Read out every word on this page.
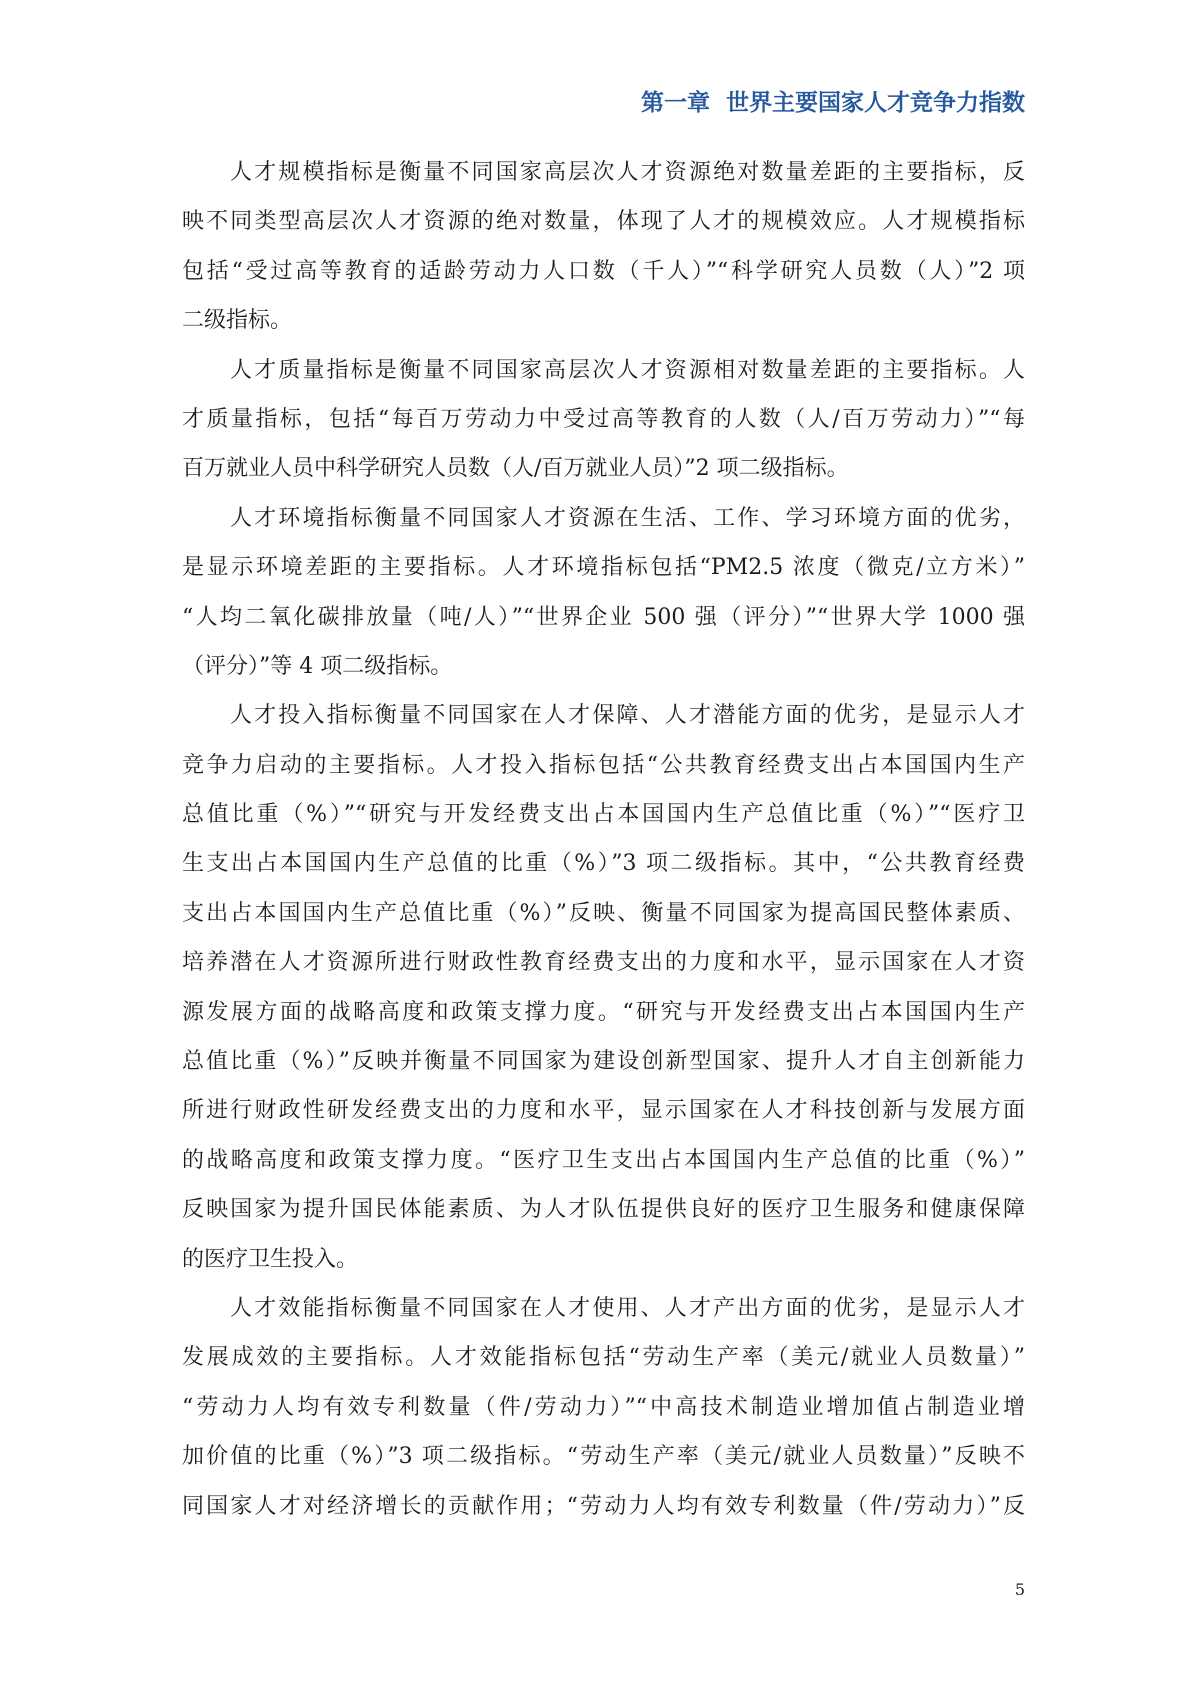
第一章 世界主要国家人才竞争力指数
人才规模指标是衡量不同国家高层次人才资源绝对数量差距的主要指标，反
映不同类型高层次人才资源的绝对数量，体现了人才的规模效应。人才规模指标
包括“受过高等教育的适龄劳动力人口数（千人）”“科学研究人员数（人）”2 项
二级指标。
人才质量指标是衡量不同国家高层次人才资源相对数量差距的主要指标。人
才质量指标，包括“每百万劳动力中受过高等教育的人数（人/百万劳动力）”“每
百万就业人员中科学研究人员数（人/百万就业人员）”2 项二级指标。
人才环境指标衡量不同国家人才资源在生活、工作、学习环境方面的优劣，
是显示环境差距的主要指标。人才环境指标包括“PM2.5 浓度（微克/立方米）”
“人均二氧化碳排放量（吨/人）”“世界企业 500 强（评分）”“世界大学 1000 强
（评分）”等 4 项二级指标。
人才投入指标衡量不同国家在人才保障、人才潜能方面的优劣，是显示人才
竞争力启动的主要指标。人才投入指标包括“公共教育经费支出占本国国内生产
总值比重（%）”“研究与开发经费支出占本国国内生产总值比重（%）”“医疗卫
生支出占本国国内生产总值的比重（%）”3 项二级指标。其中，“公共教育经费
支出占本国国内生产总值比重（%）”反映、衡量不同国家为提高国民整体素质、
培养潜在人才资源所进行财政性教育经费支出的力度和水平，显示国家在人才资
源发展方面的战略高度和政策支撑力度。“研究与开发经费支出占本国国内生产
总值比重（%）”反映并衡量不同国家为建设创新型国家、提升人才自主创新能力
所进行财政性研发经费支出的力度和水平，显示国家在人才科技创新与发展方面
的战略高度和政策支撑力度。“医疗卫生支出占本国国内生产总值的比重（%）”
反映国家为提升国民体能素质、为人才队伍提供良好的医疗卫生服务和健康保障
的医疗卫生投入。
人才效能指标衡量不同国家在人才使用、人才产出方面的优劣，是显示人才
发展成效的主要指标。人才效能指标包括“劳动生产率（美元/就业人员数量）”
“劳动力人均有效专利数量（件/劳动力）”“中高技术制造业增加值占制造业增
加价值的比重（%）”3 项二级指标。“劳动生产率（美元/就业人员数量）”反映不
同国家人才对经济增长的贡献作用；“劳动力人均有效专利数量（件/劳动力）”反
5
